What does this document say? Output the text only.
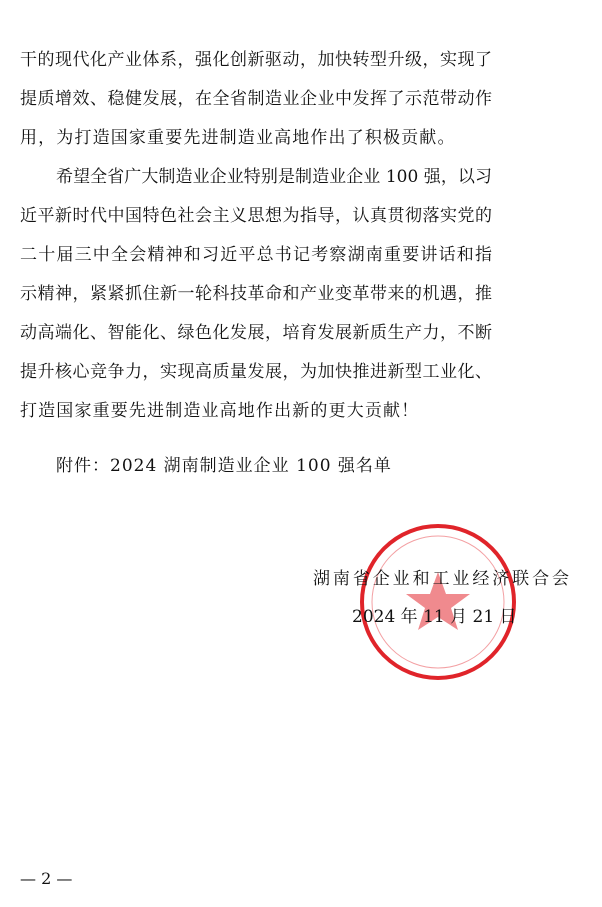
干的现代化产业体系，强化创新驱动，加快转型升级，实现了
提质增效、稳健发展，在全省制造业企业中发挥了示范带动作
用，为打造国家重要先进制造业高地作出了积极贡献。
希望全省广大制造业企业特别是制造业企业 100 强，以习
近平新时代中国特色社会主义思想为指导，认真贯彻落实党的
二十届三中全会精神和习近平总书记考察湖南重要讲话和指
示精神，紧紧抓住新一轮科技革命和产业变革带来的机遇，推
动高端化、智能化、绿色化发展，培育发展新质生产力，不断
提升核心竞争力，实现高质量发展，为加快推进新型工业化、
打造国家重要先进制造业高地作出新的更大贡献！
附件：2024 湖南制造业企业 100 强名单
湖南省企业和工业经济联合会
2024 年 11 月 21 日
— 2 —
